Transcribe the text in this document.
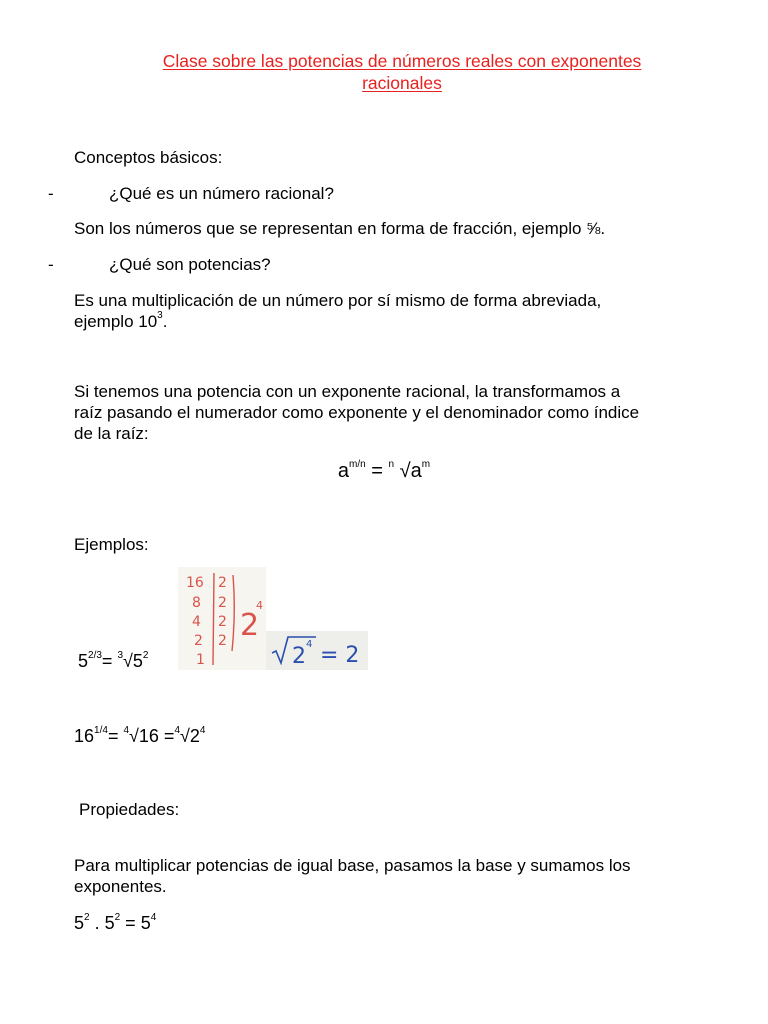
Clase sobre las potencias de números reales con exponentes
racionales
Conceptos básicos:
-	¿Qué es un número racional?
Son los números que se representan en forma de fracción, ejemplo ⅝.
-	¿Qué son potencias?
Es una multiplicación de un número por sí mismo de forma abreviada,
ejemplo $10^3$.
Si tenemos una potencia con un exponente racional, la transformamos a
raíz pasando el numerador como exponente y el denominador como índice
de la raíz:
$a^{m/n} = ^n$ $√a^m$
Ejemplos:
16
8
4
2
1
2
2
2
2 2
4
2 4 = 2
$5^{2/3}= ^3√5^2$
$16^{1/4}= ^4√16 =^4√2^4$
Propiedades:
Para multiplicar potencias de igual base, pasamos la base y sumamos los
exponentes.
$5^2$ . $5^2 = 5^4$
